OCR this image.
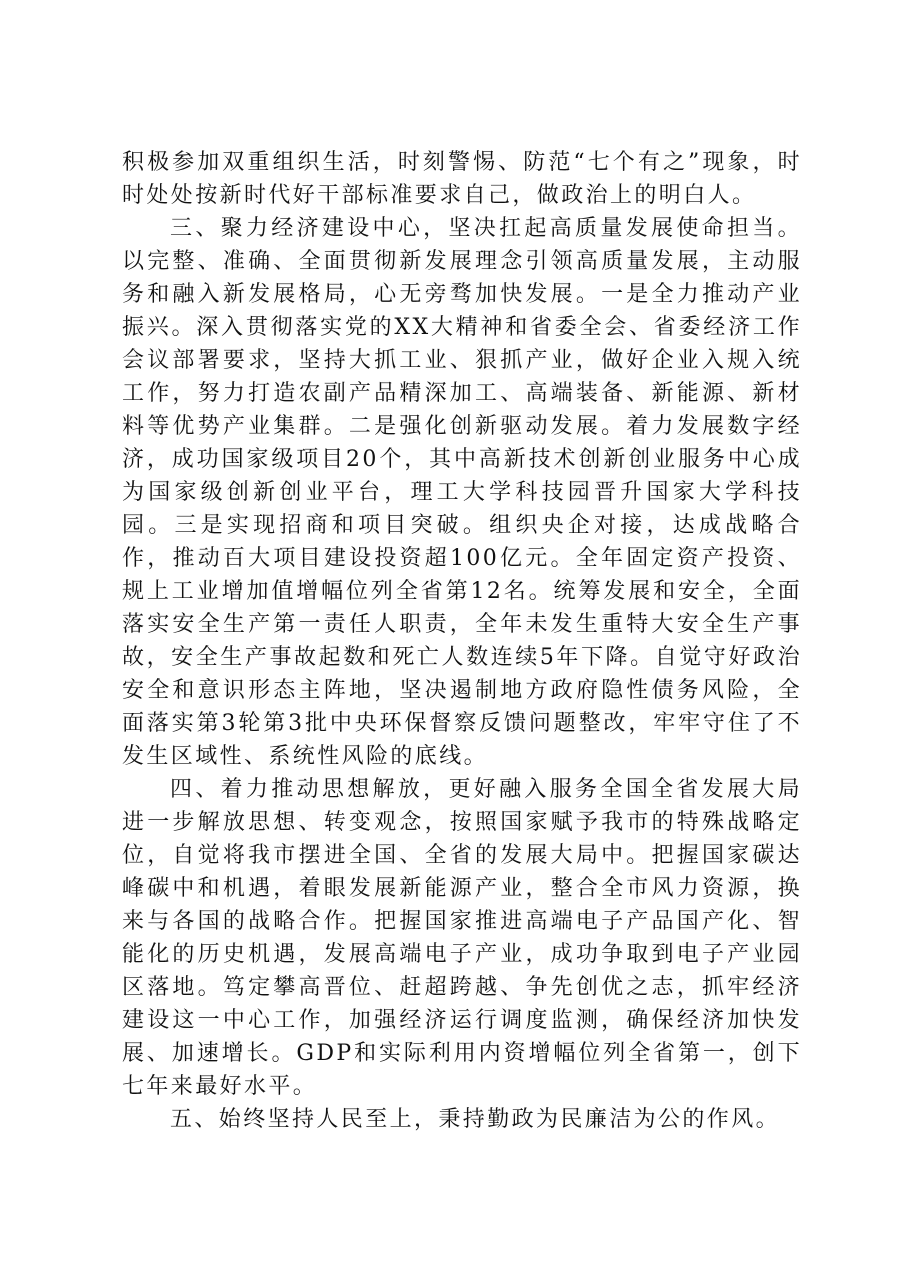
积极参加双重组织生活，时刻警惕、防范“七个有之”现象，时时处处按新时代好干部标准要求自己，做政治上的明白人。

三、聚力经济建设中心，坚决扛起高质量发展使命担当。以完整、准确、全面贯彻新发展理念引领高质量发展，主动服务和融入新发展格局，心无旁骛加快发展。一是全力推动产业振兴。深入贯彻落实党的XX大精神和省委全会、省委经济工作会议部署要求，坚持大抓工业、狠抓产业，做好企业入规入统工作，努力打造农副产品精深加工、高端装备、新能源、新材料等优势产业集群。二是强化创新驱动发展。着力发展数字经济，成功国家级项目20个，其中高新技术创新创业服务中心成为国家级创新创业平台，理工大学科技园晋升国家大学科技园。三是实现招商和项目突破。组织央企对接，达成战略合作，推动百大项目建设投资超100亿元。全年固定资产投资、规上工业增加值增幅位列全省第12名。统筹发展和安全，全面落实安全生产第一责任人职责，全年未发生重特大安全生产事故，安全生产事故起数和死亡人数连续5年下降。自觉守好政治安全和意识形态主阵地，坚决遏制地方政府隐性债务风险，全面落实第3轮第3批中央环保督察反馈问题整改，牢牢守住了不发生区域性、系统性风险的底线。

四、着力推动思想解放，更好融入服务全国全省发展大局进一步解放思想、转变观念，按照国家赋予我市的特殊战略定位，自觉将我市摆进全国、全省的发展大局中。把握国家碳达峰碳中和机遇，着眼发展新能源产业，整合全市风力资源，换来与各国的战略合作。把握国家推进高端电子产品国产化、智能化的历史机遇，发展高端电子产业，成功争取到电子产业园区落地。笃定攀高晋位、赶超跨越、争先创优之志，抓牢经济建设这一中心工作，加强经济运行调度监测，确保经济加快发展、加速增长。GDP和实际利用内资增幅位列全省第一，创下七年来最好水平。

五、始终坚持人民至上，秉持勤政为民廉洁为公的作风。
